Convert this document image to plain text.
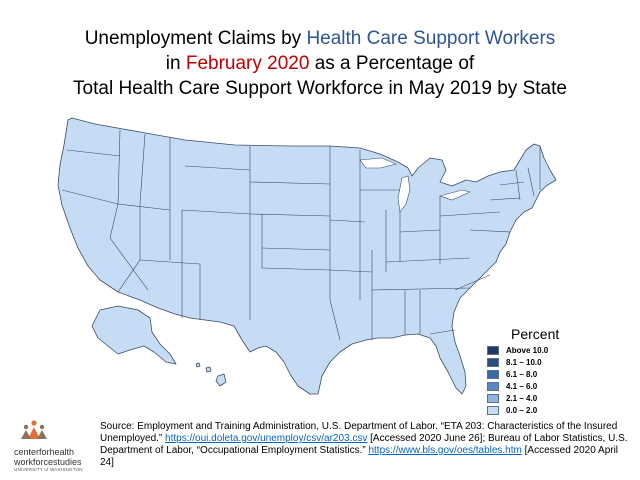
Unemployment Claims by Health Care Support Workers
in February 2020 as a Percentage of
Total Health Care Support Workforce in May 2019 by State
Percent
Above 10.0
8.1 – 10.0
6.1 – 8.0
4.1 – 6.0
2.1 – 4.0
0.0 – 2.0
centerforhealth
workforcestudies
UNIVERSITY of WASHINGTON
Source: Employment and Training Administration, U.S. Department of Labor. “ETA 203: Characteristics of the Insured Unemployed.” https://oui.doleta.gov/unemploy/csv/ar203.csv [Accessed 2020 June 26]; Bureau of Labor Statistics, U.S. Department of Labor, “Occupational Employment Statistics.” https://www.bls.gov/oes/tables.htm [Accessed 2020 April 24]
